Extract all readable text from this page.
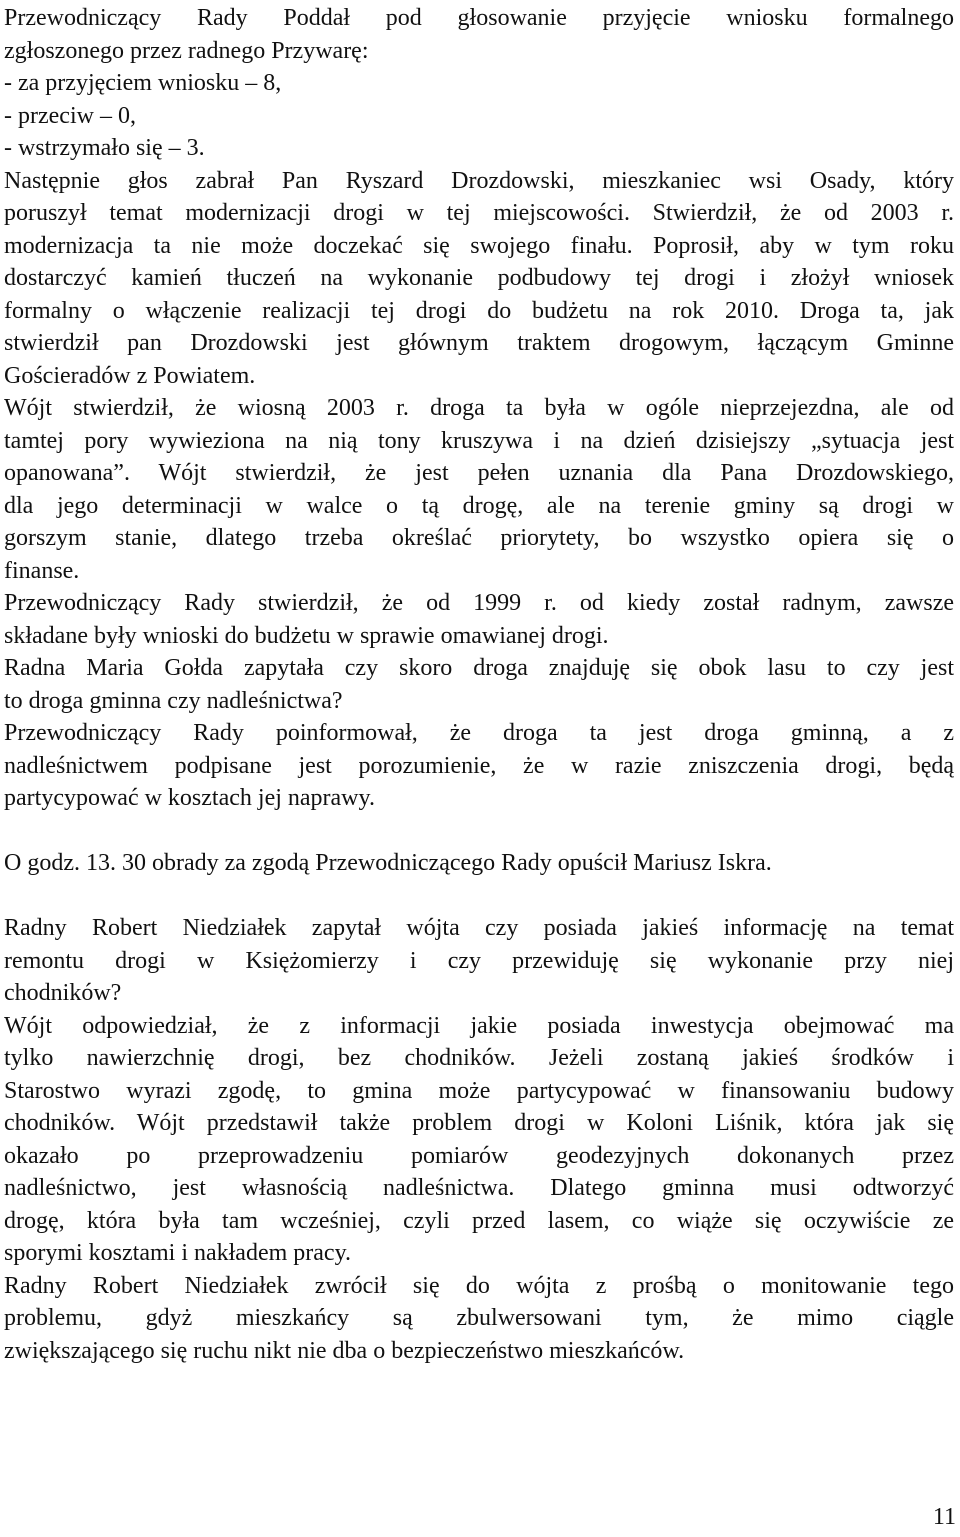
Przewodniczący Rady Poddał pod głosowanie przyjęcie wniosku formalnego
zgłoszonego przez radnego Przywarę:
- za przyjęciem wniosku – 8,
- przeciw – 0,
- wstrzymało się – 3.
Następnie głos zabrał Pan Ryszard Drozdowski, mieszkaniec wsi Osady, który
poruszył temat modernizacji drogi w tej miejscowości. Stwierdził, że od 2003 r.
modernizacja ta nie może doczekać się swojego finału. Poprosił, aby w tym roku
dostarczyć kamień tłuczeń na wykonanie podbudowy tej drogi i złożył wniosek
formalny o włączenie realizacji tej drogi do budżetu na rok 2010. Droga ta, jak
stwierdził pan Drozdowski jest głównym traktem drogowym, łączącym Gminne
Gościeradów z Powiatem.
Wójt stwierdził, że wiosną 2003 r. droga ta była w ogóle nieprzejezdna, ale od
tamtej pory wywieziona na nią tony kruszywa i na dzień dzisiejszy „sytuacja jest
opanowana”. Wójt stwierdził, że jest pełen uznania dla Pana Drozdowskiego,
dla jego determinacji w walce o tą drogę, ale na terenie gminy są drogi w
gorszym stanie, dlatego trzeba określać priorytety, bo wszystko opiera się o
finanse.
Przewodniczący Rady stwierdził, że od 1999 r. od kiedy został radnym, zawsze
składane były wnioski do budżetu w sprawie omawianej drogi.
Radna Maria Gołda zapytała czy skoro droga znajduję się obok lasu to czy jest
to droga gminna czy nadleśnictwa?
Przewodniczący Rady poinformował, że droga ta jest droga gminną, a z
nadleśnictwem podpisane jest porozumienie, że w razie zniszczenia drogi, będą
partycypować w kosztach jej naprawy.
O godz. 13. 30 obrady za zgodą Przewodniczącego Rady opuścił Mariusz Iskra.
Radny Robert Niedziałek zapytał wójta czy posiada jakieś informację na temat
remontu drogi w Księżomierzy i czy przewiduję się wykonanie przy niej
chodników?
Wójt odpowiedział, że z informacji jakie posiada inwestycja obejmować ma
tylko nawierzchnię drogi, bez chodników. Jeżeli zostaną jakieś środków i
Starostwo wyrazi zgodę, to gmina może partycypować w finansowaniu budowy
chodników. Wójt przedstawił także problem drogi w Koloni Liśnik, która jak się
okazało po przeprowadzeniu pomiarów geodezyjnych dokonanych przez
nadleśnictwo, jest własnością nadleśnictwa. Dlatego gminna musi odtworzyć
drogę, która była tam wcześniej, czyli przed lasem, co wiąże się oczywiście ze
sporymi kosztami i nakładem pracy.
Radny Robert Niedziałek zwrócił się do wójta z prośbą o monitowanie tego
problemu, gdyż mieszkańcy są zbulwersowani tym, że mimo ciągle
zwiększającego się ruchu nikt nie dba o bezpieczeństwo mieszkańców.
11
